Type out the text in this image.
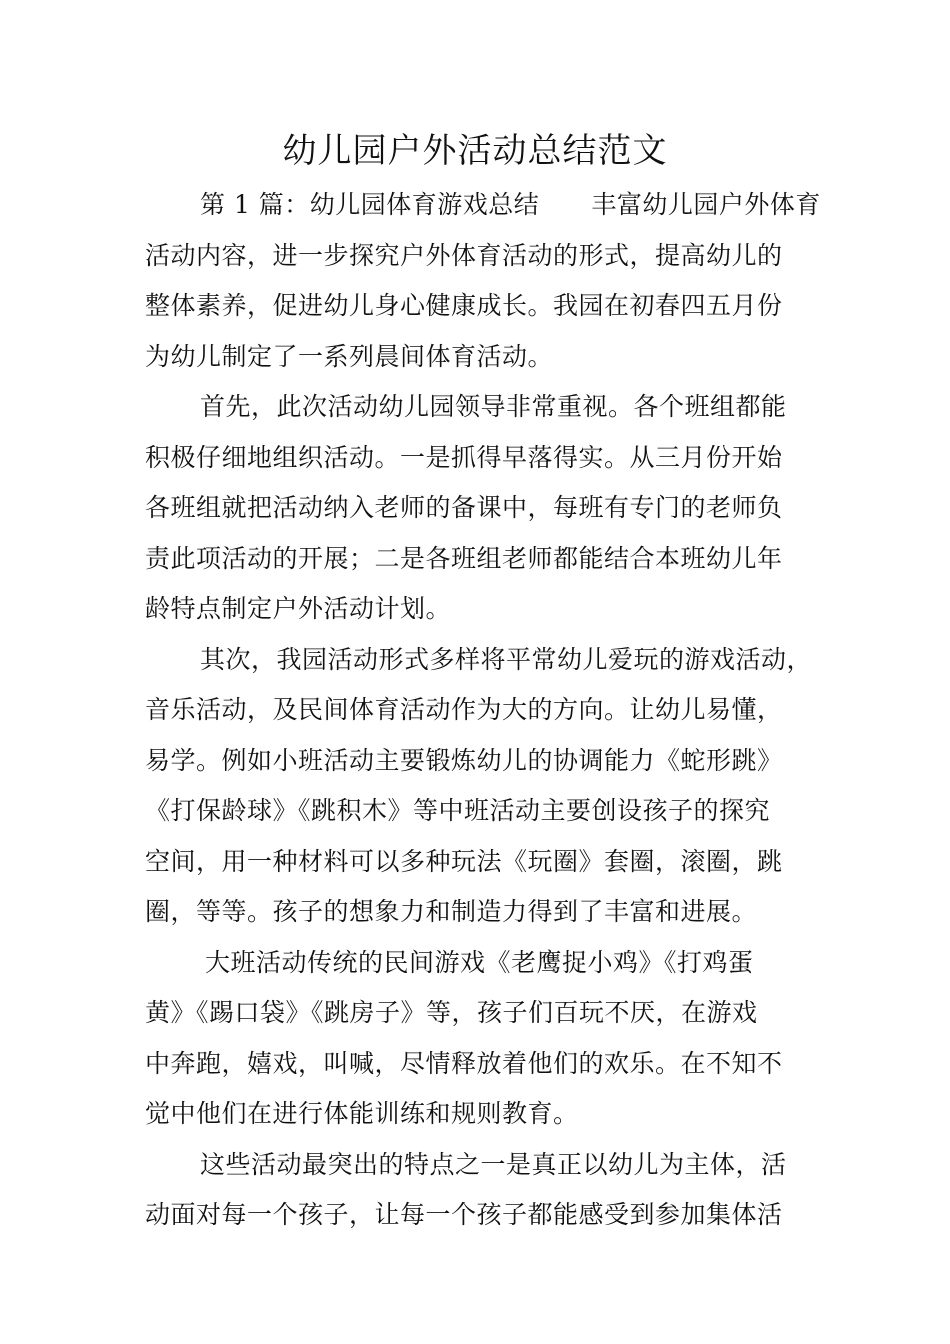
幼儿园户外活动总结范文
第 1 篇：幼儿园体育游戏总结 丰富幼儿园户外体育
活动内容，进一步探究户外体育活动的形式，提高幼儿的
整体素养，促进幼儿身心健康成长。我园在初春四五月份
为幼儿制定了一系列晨间体育活动。
首先，此次活动幼儿园领导非常重视。各个班组都能
积极仔细地组织活动。一是抓得早落得实。从三月份开始
各班组就把活动纳入老师的备课中，每班有专门的老师负
责此项活动的开展；二是各班组老师都能结合本班幼儿年
龄特点制定户外活动计划。
其次，我园活动形式多样将平常幼儿爱玩的游戏活动，
音乐活动，及民间体育活动作为大的方向。让幼儿易懂，
易学。例如小班活动主要锻炼幼儿的协调能力《蛇形跳》
《打保龄球》《跳积木》等中班活动主要创设孩子的探究
空间，用一种材料可以多种玩法《玩圈》套圈，滚圈，跳
圈，等等。孩子的想象力和制造力得到了丰富和进展。
大班活动传统的民间游戏《老鹰捉小鸡》《打鸡蛋
黄》《踢口袋》《跳房子》等，孩子们百玩不厌，在游戏
中奔跑，嬉戏，叫喊，尽情释放着他们的欢乐。在不知不
觉中他们在进行体能训练和规则教育。
这些活动最突出的特点之一是真正以幼儿为主体，活
动面对每一个孩子，让每一个孩子都能感受到参加集体活
